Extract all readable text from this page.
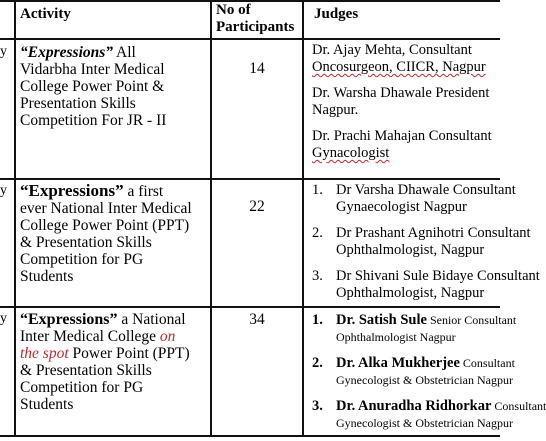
Activity	No of
Participants
Judges
y
y
y
“Expressions” All
Vidarbha Inter Medical
College Power Point &
Presentation Skills
Competition For JR - II
14

Dr. Ajay Mehta, Consultant
Oncosurgeon, CIICR, Nagpur

Dr. Warsha Dhawale President
Nagpur.

Dr. Prachi Mahajan Consultant
Gynacologist

“Expressions” a first
ever National Inter Medical
College Power Point (PPT)
& Presentation Skills
Competition for PG
Students
22
1. Dr Varsha Dhawale Consultant
Gynaecologist Nagpur
2. Dr Prashant Agnihotri Consultant
Ophthalmologist, Nagpur
3. Dr Shivani Sule Bidaye Consultant
Ophthalmologist, Nagpur
“Expressions” a National
Inter Medical College on
the spot Power Point (PPT)
& Presentation Skills
Competition for PG
Students
34	1. Dr. Satish Sule Senior Consultant
Ophthalmologist Nagpur
2. Dr. Alka Mukherjee Consultant
Gynecologist & Obstetrician Nagpur
3. Dr. Anuradha Ridhorkar Consultant
Gynecologist & Obstetrician Nagpur
